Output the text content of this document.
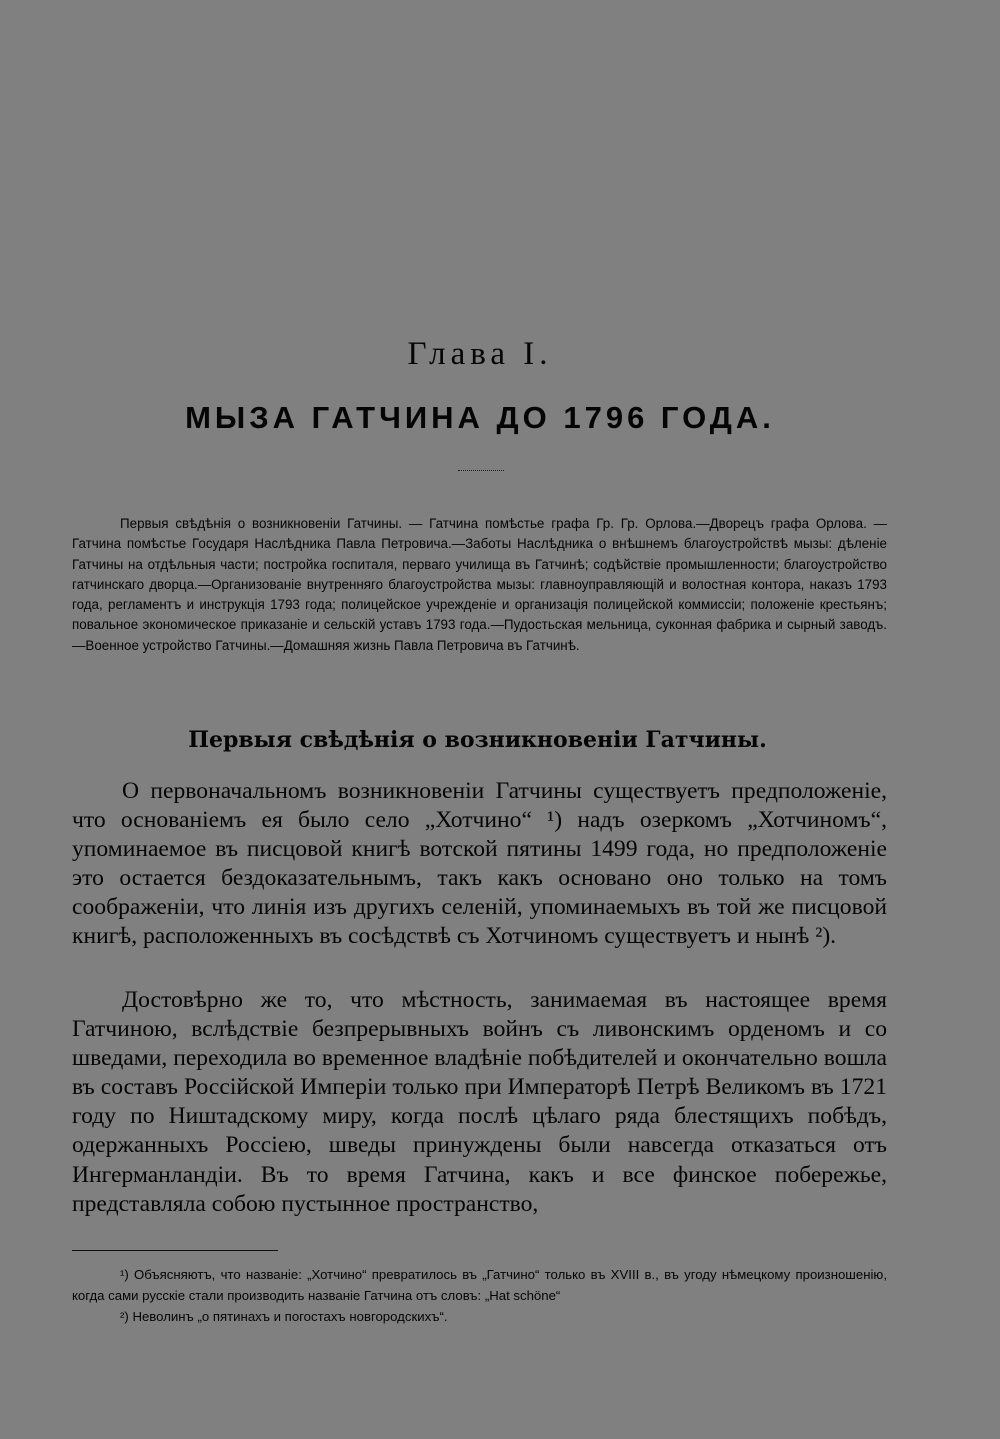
Глава I.
МЫЗА ГАТЧИНА ДО 1796 ГОДА.

Первыя свѣдѣнія о возникновеніи Гатчины. — Гатчина помѣстье графа Гр. Гр. Орлова.—Дворецъ графа Орлова. — Гатчина помѣстье Государя Наслѣдника Павла Петровича.—Заботы Наслѣдника о внѣшнемъ благоустройствѣ мызы: дѣленіе Гатчины на отдѣльныя части; постройка госпиталя, перваго училища въ Гатчинѣ; содѣйствіе промышленности; благоустройство гатчинскаго дворца.—Организованіе внутренняго благоустройства мызы: главноуправляющій и волостная контора, наказъ 1793 года, регламентъ и инструкція 1793 года; полицейское учрежденіе и организація полицейской коммиссіи; положеніе крестьянъ; повальное экономическое приказаніе и сельскій уставъ 1793 года.—Пудостьская мельница, суконная фабрика и сырный заводъ.—Военное устройство Гатчины.—Домашняя жизнь Павла Петровича въ Гатчинѣ.

Первыя свѣдѣнія о возникновеніи Гатчины.

О первоначальномъ возникновеніи Гатчины существуетъ предположеніе, что основаніемъ ея было село „Хотчино“ ¹) надъ озеркомъ „Хотчиномъ“, упоминаемое въ писцовой книгѣ вотской пятины 1499 года, но предположеніе это остается бездоказательнымъ, такъ какъ основано оно только на томъ соображеніи, что линія изъ другихъ селеній, упоминаемыхъ въ той же писцовой книгѣ, расположенныхъ въ сосѣдствѣ съ Хотчиномъ существуетъ и нынѣ ²).

Достовѣрно же то, что мѣстность, занимаемая въ настоящее время Гатчиною, вслѣдствіе безпрерывныхъ войнъ съ ливонскимъ орденомъ и со шведами, переходила во временное владѣніе побѣдителей и окончательно вошла въ составъ Россійской Имперіи только при Императорѣ Петрѣ Великомъ въ 1721 году по Ништадскому миру, когда послѣ цѣлаго ряда блестящихъ побѣдъ, одержанныхъ Россіею, шведы принуждены были навсегда отказаться отъ Ингерманландіи. Въ то время Гатчина, какъ и все финское побережье, представляла собою пустынное пространство,

¹) Объясняютъ, что названіе: „Хотчино“ превратилось въ „Гатчино“ только въ XVIII в., въ угоду нѣмецкому произношенію, когда сами русскіе стали производить названіе Гатчина отъ словъ: „Hat schöne“

²) Неволинъ „о пятинахъ и погостахъ новгородскихъ“.
